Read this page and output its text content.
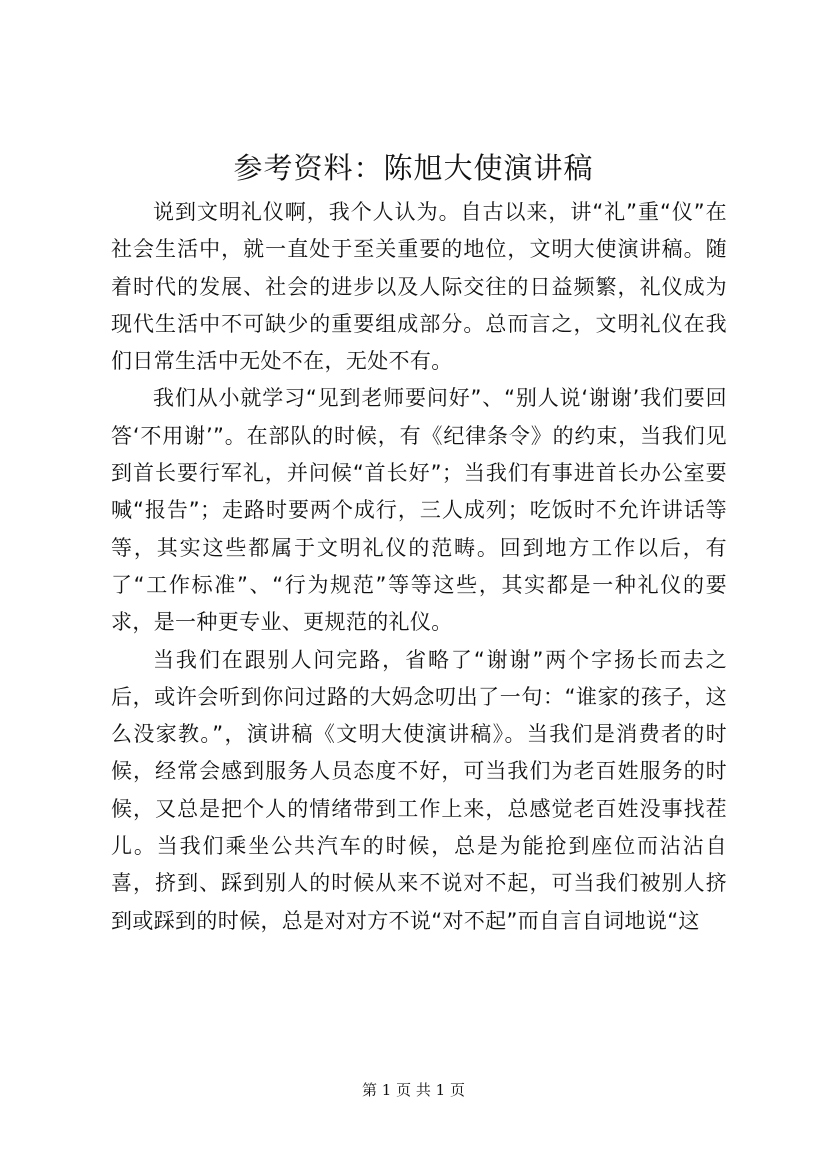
参考资料：陈旭大使演讲稿

说到文明礼仪啊，我个人认为。自古以来，讲“礼”重“仪”在社会生活中，就一直处于至关重要的地位，文明大使演讲稿。随着时代的发展、社会的进步以及人际交往的日益频繁，礼仪成为现代生活中不可缺少的重要组成部分。总而言之，文明礼仪在我们日常生活中无处不在，无处不有。

我们从小就学习“见到老师要问好”、“别人说‘谢谢’我们要回答‘不用谢’”。在部队的时候，有《纪律条令》的约束，当我们见到首长要行军礼，并问候“首长好”；当我们有事进首长办公室要喊“报告”；走路时要两个成行，三人成列；吃饭时不允许讲话等等，其实这些都属于文明礼仪的范畴。回到地方工作以后，有了“工作标准”、“行为规范”等等这些，其实都是一种礼仪的要求，是一种更专业、更规范的礼仪。

当我们在跟别人问完路，省略了“谢谢”两个字扬长而去之后，或许会听到你问过路的大妈念叨出了一句：“谁家的孩子，这么没家教。”，演讲稿《文明大使演讲稿》。当我们是消费者的时候，经常会感到服务人员态度不好，可当我们为老百姓服务的时候，又总是把个人的情绪带到工作上来，总感觉老百姓没事找茬儿。当我们乘坐公共汽车的时候，总是为能抢到座位而沾沾自喜，挤到、踩到别人的时候从来不说对不起，可当我们被别人挤到或踩到的时候，总是对对方不说“对不起”而自言自词地说“这

第 1 页 共 1 页
